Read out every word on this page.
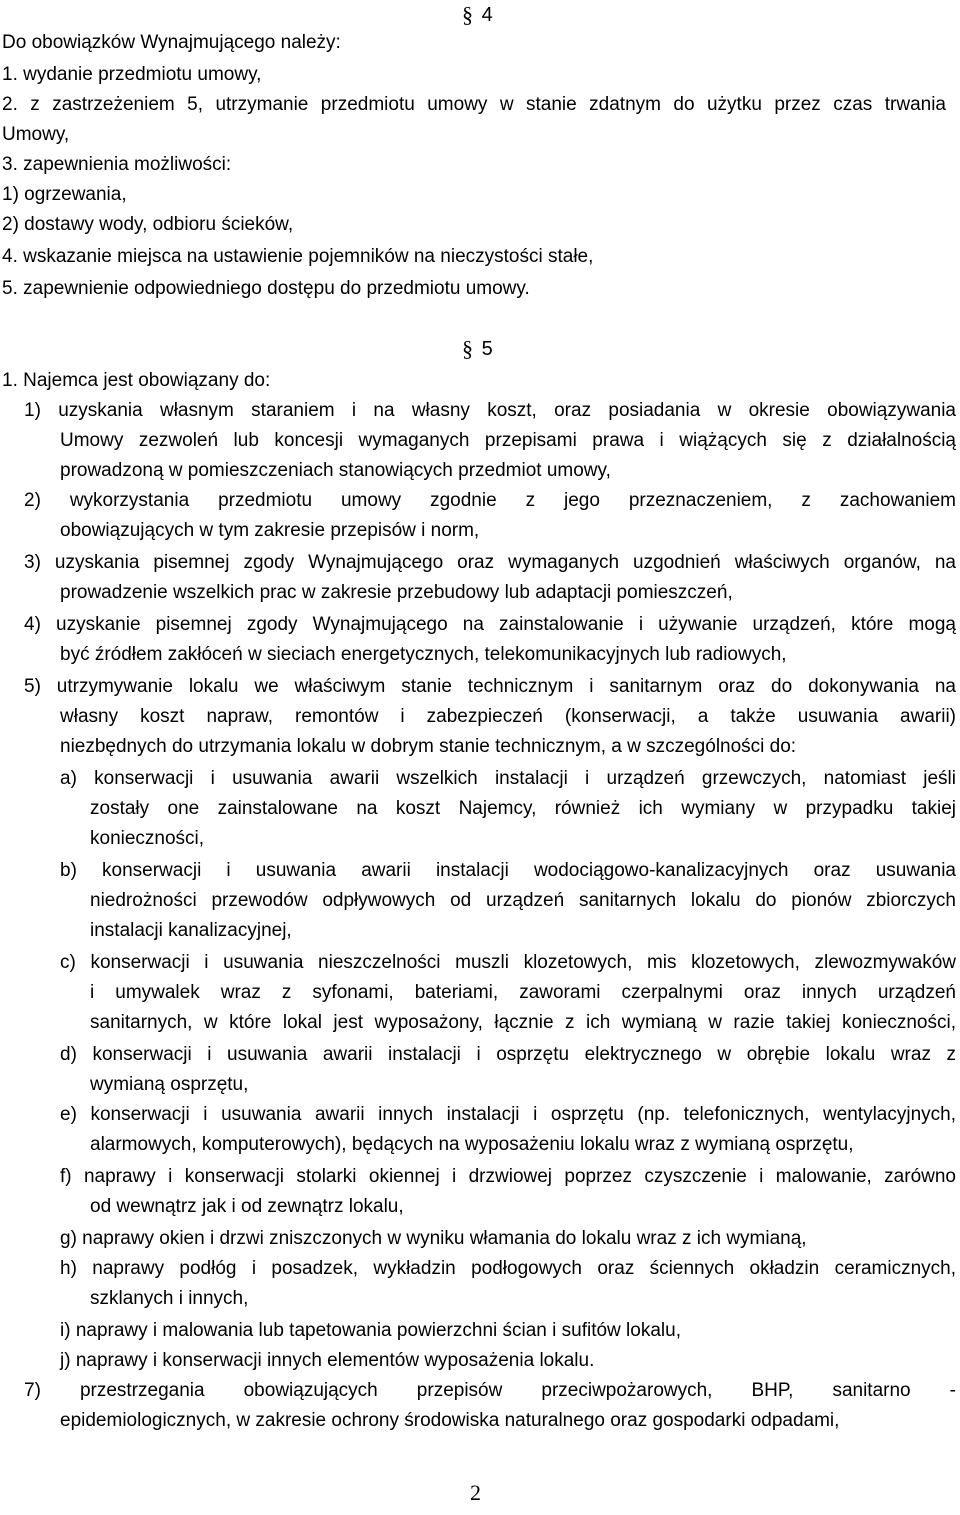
§ 4
Do obowiązków Wynajmującego należy:
1. wydanie przedmiotu umowy,
2. z zastrzeżeniem 5, utrzymanie przedmiotu umowy w stanie zdatnym do użytku przez czas trwania
Umowy,
3. zapewnienia możliwości:
1) ogrzewania,
2) dostawy wody, odbioru ścieków,
4. wskazanie miejsca na ustawienie pojemników na nieczystości stałe,
5. zapewnienie odpowiedniego dostępu do przedmiotu umowy.
§ 5
1. Najemca jest obowiązany do:
1) uzyskania własnym staraniem i na własny koszt, oraz posiadania w okresie obowiązywania
Umowy zezwoleń lub koncesji wymaganych przepisami prawa i wiążących się z działalnością
prowadzoną w pomieszczeniach stanowiących przedmiot umowy,
2) wykorzystania przedmiotu umowy zgodnie z jego przeznaczeniem, z zachowaniem
obowiązujących w tym zakresie przepisów i norm,
3) uzyskania pisemnej zgody Wynajmującego oraz wymaganych uzgodnień właściwych organów, na
prowadzenie wszelkich prac w zakresie przebudowy lub adaptacji pomieszczeń,
4) uzyskanie pisemnej zgody Wynajmującego na zainstalowanie i używanie urządzeń, które mogą
być źródłem zakłóceń w sieciach energetycznych, telekomunikacyjnych lub radiowych,
5) utrzymywanie lokalu we właściwym stanie technicznym i sanitarnym oraz do dokonywania na
własny koszt napraw, remontów i zabezpieczeń (konserwacji, a także usuwania awarii)
niezbędnych do utrzymania lokalu w dobrym stanie technicznym, a w szczególności do:
a) konserwacji i usuwania awarii wszelkich instalacji i urządzeń grzewczych, natomiast jeśli
zostały one zainstalowane na koszt Najemcy, również ich wymiany w przypadku takiej
konieczności,
b) konserwacji i usuwania awarii instalacji wodociągowo-kanalizacyjnych oraz usuwania
niedrożności przewodów odpływowych od urządzeń sanitarnych lokalu do pionów zbiorczych
instalacji kanalizacyjnej,
c) konserwacji i usuwania nieszczelności muszli klozetowych, mis klozetowych, zlewozmywaków
i umywalek wraz z syfonami, bateriami, zaworami czerpalnymi oraz innych urządzeń
sanitarnych, w które lokal jest wyposażony, łącznie z ich wymianą w razie takiej konieczności,
d) konserwacji i usuwania awarii instalacji i osprzętu elektrycznego w obrębie lokalu wraz z
wymianą osprzętu,
e) konserwacji i usuwania awarii innych instalacji i osprzętu (np. telefonicznych, wentylacyjnych,
alarmowych, komputerowych), będących na wyposażeniu lokalu wraz z wymianą osprzętu,
f) naprawy i konserwacji stolarki okiennej i drzwiowej poprzez czyszczenie i malowanie, zarówno
od wewnątrz jak i od zewnątrz lokalu,
g) naprawy okien i drzwi zniszczonych w wyniku włamania do lokalu wraz z ich wymianą,
h) naprawy podłóg i posadzek, wykładzin podłogowych oraz ściennych okładzin ceramicznych,
szklanych i innych,
i) naprawy i malowania lub tapetowania powierzchni ścian i sufitów lokalu,
j) naprawy i konserwacji innych elementów wyposażenia lokalu.
7) przestrzegania obowiązujących przepisów przeciwpożarowych, BHP, sanitarno -
epidemiologicznych, w zakresie ochrony środowiska naturalnego oraz gospodarki odpadami,
2
